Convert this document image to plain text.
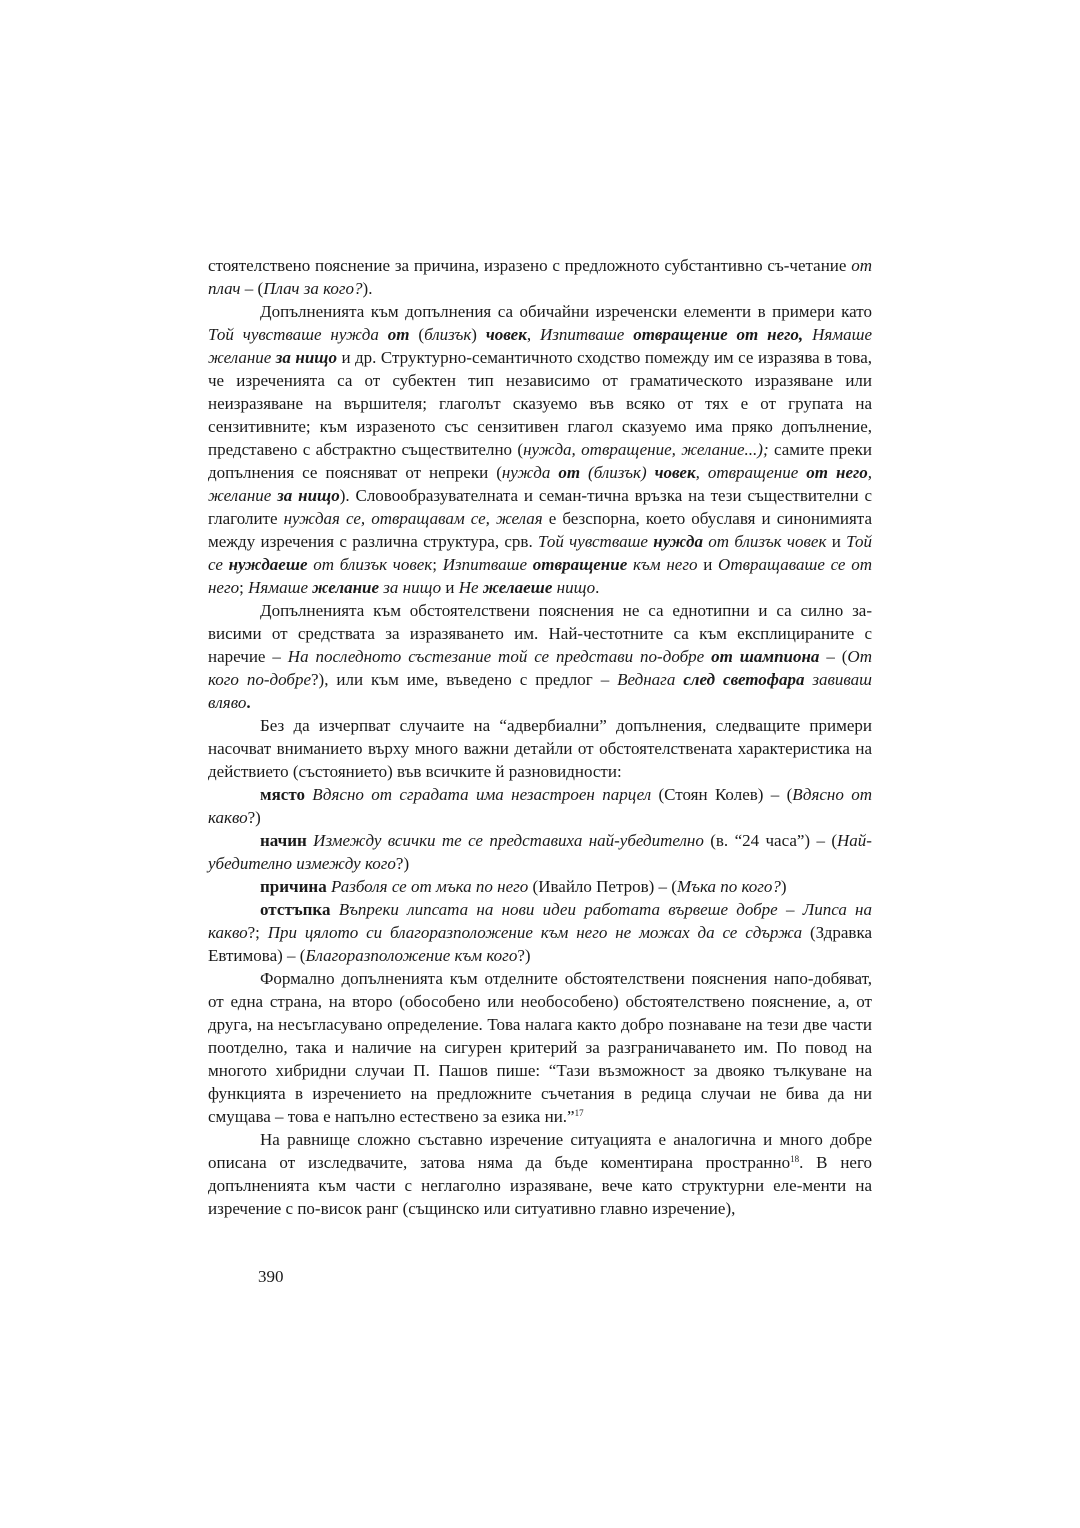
стоятелствено пояснение за причина, изразено с предложното субстантивно съ-четание от плач – (Плач за кого?).

Допълненията към допълнения са обичайни изреченски елементи в примери като Той чувстваше нужда от (близък) човек, Изпитваше отвращение от него, Нямаше желание за нищо и др. Структурно-семантичното сходство помежду им се изразява в това, че изреченията са от субектен тип независимо от граматическото изразяване или неизразяване на вършителя; глаголът сказуемо във всяко от тях е от групата на сензитивните; към изразеното със сензитивен глагол сказуемо има пряко допълнение, представено с абстрактно съществително (нужда, отвращение, желание...); самите преки допълнения се поясняват от непреки (нужда от (близък) човек, отвращение от него, желание за нищо). Словообразувателната и семан-тична връзка на тези съществителни с глаголите нуждая се, отвращавам се, желая е безспорна, което обуславя и синонимията между изречения с различна структура, срв. Той чувстваше нужда от близък човек и Той се нуждаеше от близък човек; Изпитваше отвращение към него и Отвращаваше се от него; Нямаше желание за нищо и Не желаеше нищо.

Допълненията към обстоятелствени пояснения не са еднотипни и са силно за-висими от средствата за изразяването им. Най-честотните са към експлицираните с наречие – На последното състезание той се представи по-добре от шампиона – (От кого по-добре?), или към име, въведено с предлог – Веднага след светофара завиваш вляво.

Без да изчерпват случаите на “адвербиални” допълнения, следващите примери насочват вниманието върху много важни детайли от обстоятелствената характеристика на действието (състоянието) във всичките й разновидности:

място Вдясно от сградата има незастроен парцел (Стоян Колев) – (Вдясно от какво?)

начин Измежду всички те се представиха най-убедително (в. “24 часа”) – (Най-убедително измежду кого?)

причина Разболя се от мъка по него (Ивайло Петров) – (Мъка по кого?)

отстъпка Въпреки липсата на нови идеи работата вървеше добре – Липса на какво?; При цялото си благоразположение към него не можах да се сдържа (Здравка Евтимова) – (Благоразположение към кого?)

Формално допълненията към отделните обстоятелствени пояснения напо-добяват, от една страна, на второ (обособено или необособено) обстоятелствено пояснение, а, от друга, на несъгласувано определение. Това налага както добро познаване на тези две части поотделно, така и наличие на сигурен критерий за разграничаването им. По повод на многото хибридни случаи П. Пашов пише: “Тази възможност за двояко тълкуване на функцията в изречението на предложните съчетания в редица случаи не бива да ни смущава – това е напълно естествено за езика ни.”$^{17}$

На равнище сложно съставно изречение ситуацията е аналогична и много добре описана от изследвачите, затова няма да бъде коментирана пространно$^{18}$. В него допълненията към части с неглаголно изразяване, вече като структурни еле-менти на изречение с по-висок ранг (същинско или ситуативно главно изречение),

390
